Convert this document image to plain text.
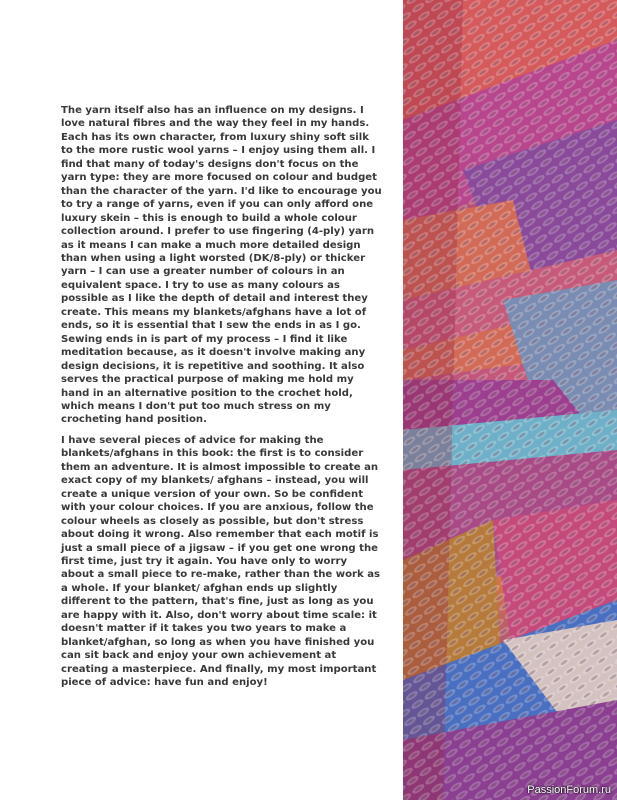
The yarn itself also has an influence on my designs. I love natural fibres and the way they feel in my hands. Each has its own character, from luxury shiny soft silk to the more rustic wool yarns – I enjoy using them all. I find that many of today's designs don't focus on the yarn type: they are more focused on colour and budget than the character of the yarn. I'd like to encourage you to try a range of yarns, even if you can only afford one luxury skein – this is enough to build a whole colour collection around. I prefer to use fingering (4-ply) yarn as it means I can make a much more detailed design than when using a light worsted (DK/8-ply) or thicker yarn – I can use a greater number of colours in an equivalent space. I try to use as many colours as possible as I like the depth of detail and interest they create. This means my blankets/afghans have a lot of ends, so it is essential that I sew the ends in as I go. Sewing ends in is part of my process – I find it like meditation because, as it doesn't involve making any design decisions, it is repetitive and soothing. It also serves the practical purpose of making me hold my hand in an alternative position to the crochet hold, which means I don't put too much stress on my crocheting hand position.

I have several pieces of advice for making the blankets/afghans in this book: the first is to consider them an adventure. It is almost impossible to create an exact copy of my blankets/ afghans – instead, you will create a unique version of your own. So be confident with your colour choices. If you are anxious, follow the colour wheels as closely as possible, but don't stress about doing it wrong. Also remember that each motif is just a small piece of a jigsaw – if you get one wrong the first time, just try it again. You have only to worry about a small piece to re-make, rather than the work as a whole. If your blanket/ afghan ends up slightly different to the pattern, that's fine, just as long as you are happy with it. Also, don't worry about time scale: it doesn't matter if it takes you two years to make a blanket/afghan, so long as when you have finished you can sit back and enjoy your own achievement at creating a masterpiece. And finally, my most important piece of advice: have fun and enjoy!

PassionForum.ru
